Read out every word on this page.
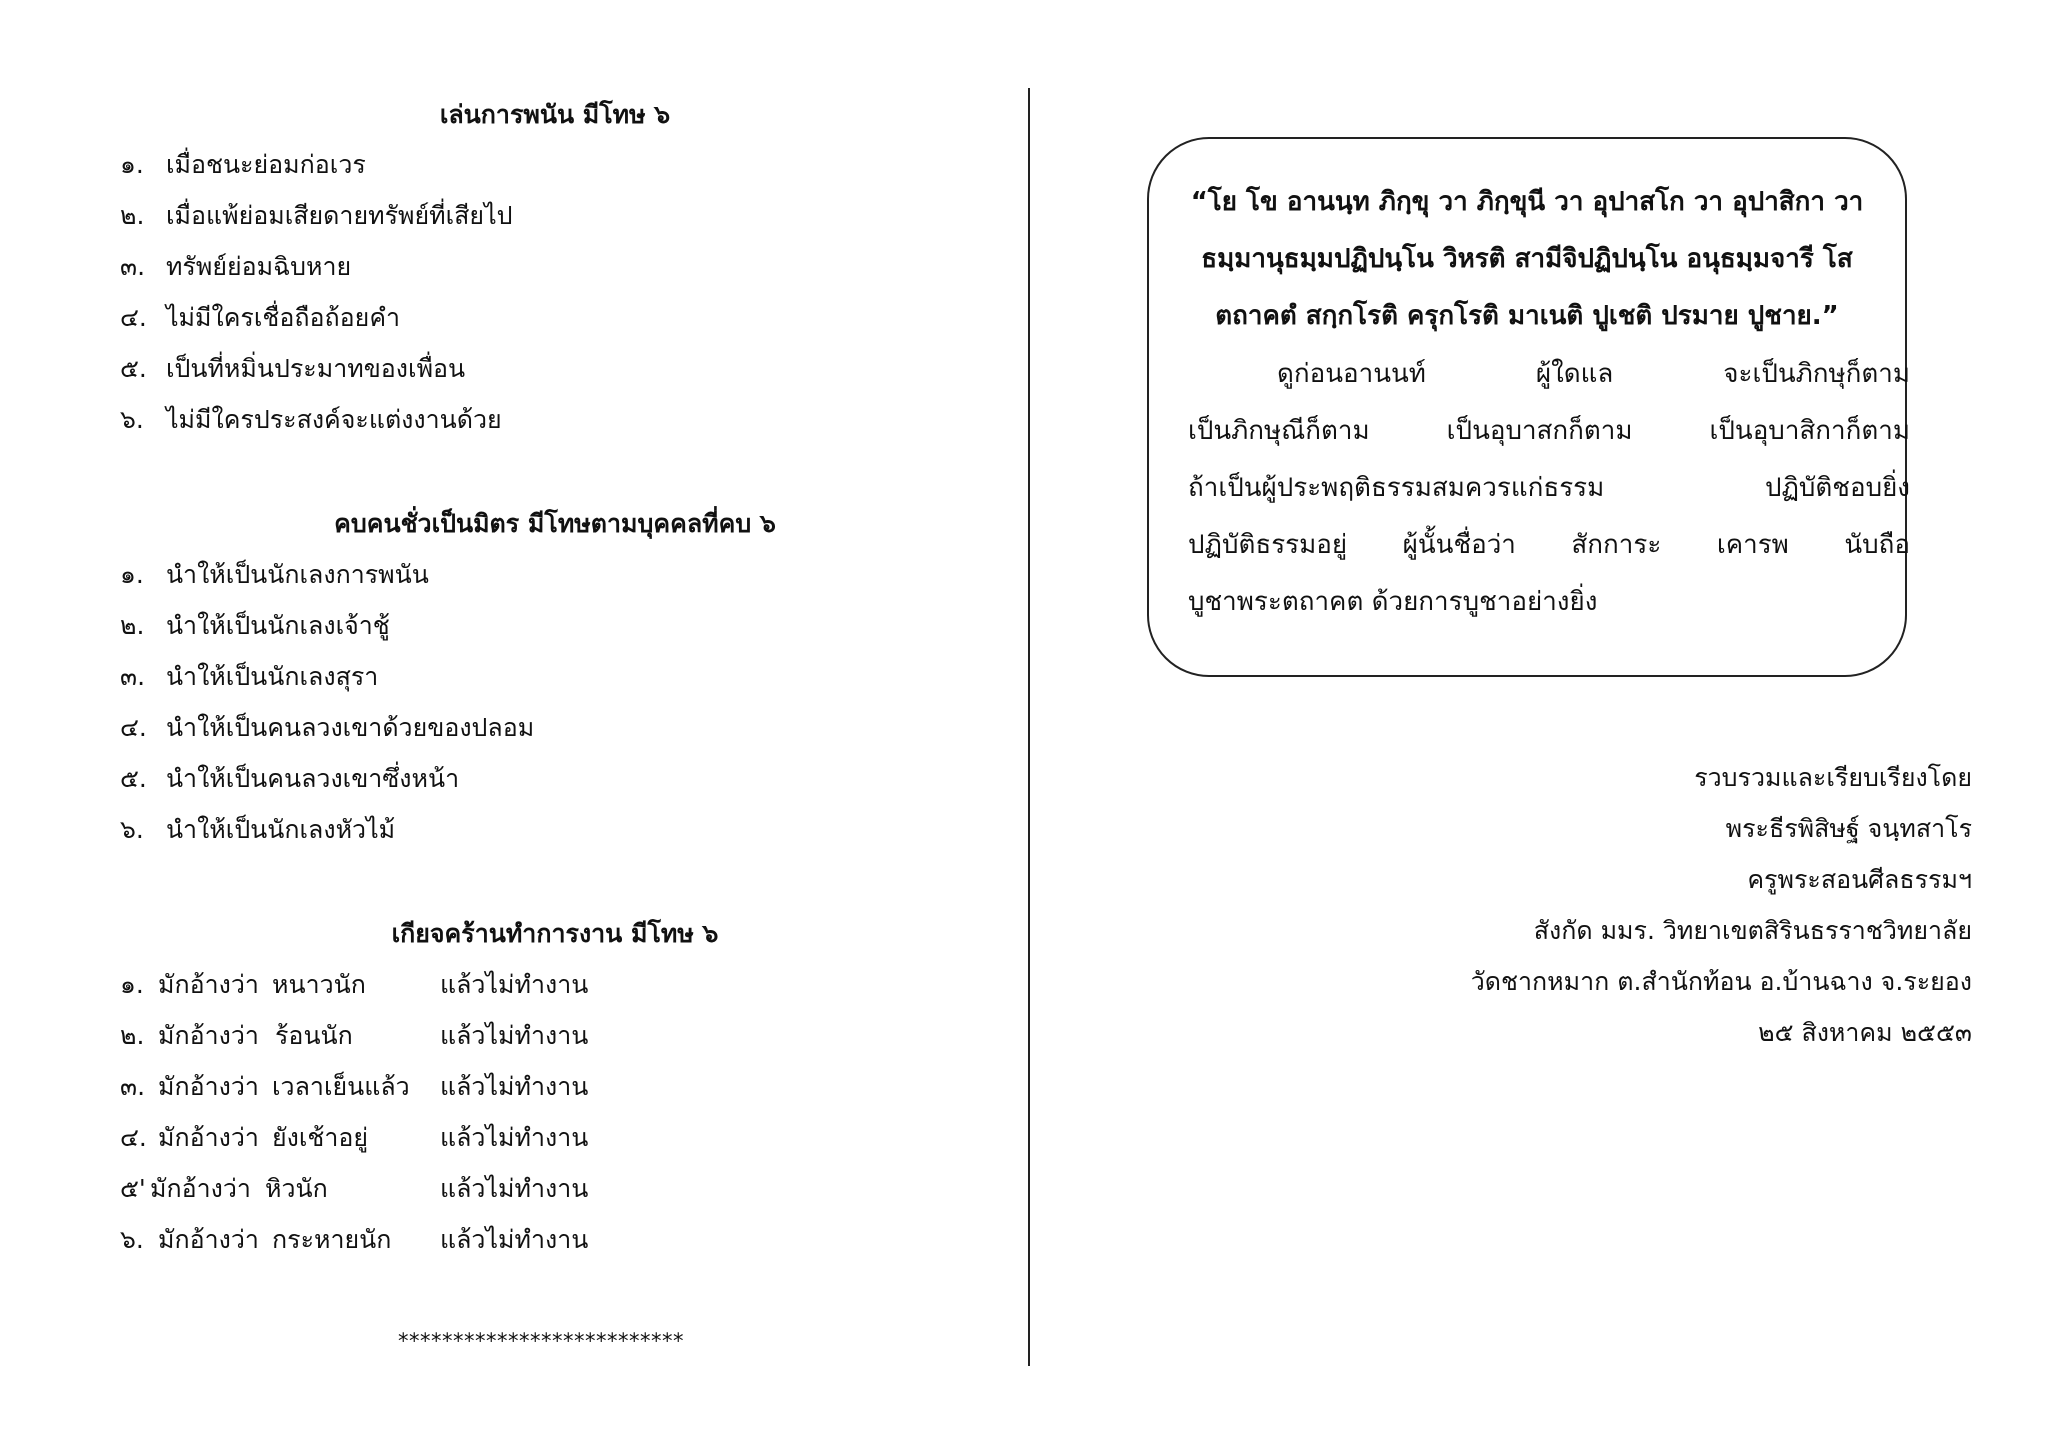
เล่นการพนัน มีโทษ ๖
๑. เมื่อชนะย่อมก่อเวร
๒. เมื่อแพ้ย่อมเสียดายทรัพย์ที่เสียไป
๓. ทรัพย์ย่อมฉิบหาย
๔. ไม่มีใครเชื่อถือถ้อยคำ
๕. เป็นที่หมิ่นประมาทของเพื่อน
๖. ไม่มีใครประสงค์จะแต่งงานด้วย
คบคนชั่วเป็นมิตร มีโทษตามบุคคลที่คบ ๖
๑. นำให้เป็นนักเลงการพนัน
๒. นำให้เป็นนักเลงเจ้าชู้
๓. นำให้เป็นนักเลงสุรา
๔. นำให้เป็นคนลวงเขาด้วยของปลอม
๕. นำให้เป็นคนลวงเขาซึ่งหน้า
๖. นำให้เป็นนักเลงหัวไม้
เกียจคร้านทำการงาน มีโทษ ๖
๑. มักอ้างว่า หนาวนัก	แล้วไม่ทำงาน
๒. มักอ้างว่า ร้อนนัก	แล้วไม่ทำงาน
๓. มักอ้างว่า เวลาเย็นแล้ว แล้วไม่ทำงาน
๔. มักอ้างว่า ยังเช้าอยู่	แล้วไม่ทำงาน
๕' มักอ้างว่า หิวนัก	แล้วไม่ทำงาน
๖. มักอ้างว่า กระหายนัก แล้วไม่ทำงาน
**************************
“โย โข อานนฺท ภิกฺขุ วา ภิกฺขุนี วา อุปาสโก วา อุปาสิกา วา
ธมฺมานุธมฺมปฏิปนฺโน วิหรติ สามีจิปฏิปนฺโน อนุธมฺมจารี โส
ตถาคตํ สกฺกโรติ ครุกโรติ มาเนติ ปูเชติ ปรมาย ปูชาย.”
ดูก่อนอานนท์	ผู้ใดแล	จะเป็นภิกษุก็ตาม
เป็นภิกษุณีก็ตาม	เป็นอุบาสกก็ตาม	เป็นอุบาสิกาก็ตาม
ถ้าเป็นผู้ประพฤติธรรมสมควรแก่ธรรม	ปฏิบัติชอบยิ่ง
ปฏิบัติธรรมอยู่ ผู้นั้นชื่อว่า สักการะ เคารพ นับถือ
บูชาพระตถาคต ด้วยการบูชาอย่างยิ่ง
รวบรวมและเรียบเรียงโดย
พระธีรพิสิษฐ์ จนฺทสาโร
ครูพระสอนศีลธรรมฯ
สังกัด มมร. วิทยาเขตสิรินธรราชวิทยาลัย
วัดชากหมาก ต.สำนักท้อน อ.บ้านฉาง จ.ระยอง
๒๕ สิงหาคม ๒๕๕๓
